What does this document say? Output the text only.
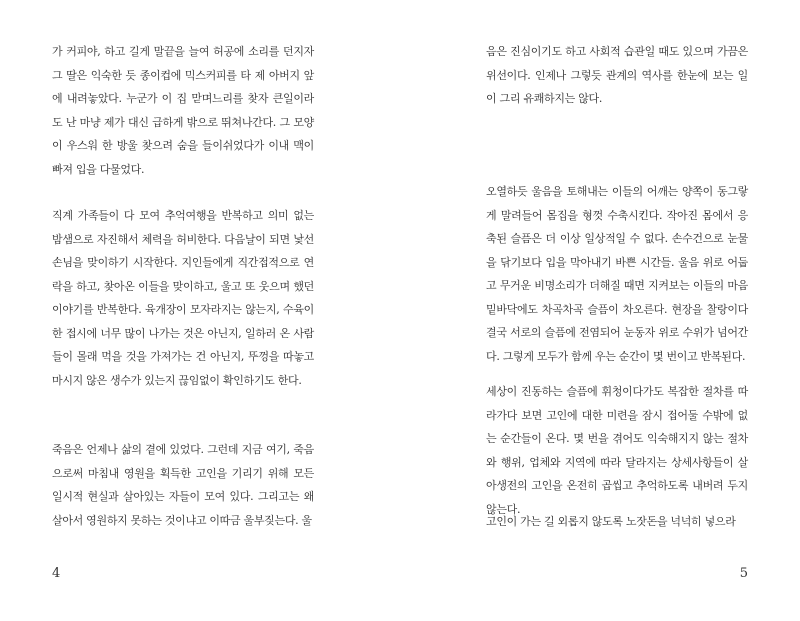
가 커피야, 하고 길게 말끝을 늘여 허공에 소리를 던지자 그 딸은 익숙한 듯 종이컵에 믹스커피를 타 제 아버지 앞에 내려놓았다. 누군가 이 집 맏며느리를 찾자 큰일이라도 난 마냥 제가 대신 급하게 밖으로 뛰쳐나간다. 그 모양이 우스워 한 방울 찾으려 숨을 들이쉬었다가 이내 맥이 빠져 입을 다물었다.

직계 가족들이 다 모여 추억여행을 반복하고 의미 없는 밤샘으로 자진해서 체력을 허비한다. 다음날이 되면 낯선 손님을 맞이하기 시작한다. 지인들에게 직간접적으로 연락을 하고, 찾아온 이들을 맞이하고, 울고 또 웃으며 했던 이야기를 반복한다. 육개장이 모자라지는 않는지, 수육이 한 접시에 너무 많이 나가는 것은 아닌지, 일하러 온 사람들이 몰래 먹을 것을 가져가는 건 아닌지, 뚜껑을 따놓고 마시지 않은 생수가 있는지 끊임없이 확인하기도 한다.

죽음은 언제나 삶의 곁에 있었다. 그런데 지금 여기, 죽음으로써 마침내 영원을 획득한 고인을 기리기 위해 모든 일시적 현실과 살아있는 자들이 모여 있다. 그리고는 왜 살아서 영원하지 못하는 것이냐고 이따금 울부짖는다. 울

4

음은 진심이기도 하고 사회적 습관일 때도 있으며 가끔은 위선이다. 인제나 그렇듯 관계의 역사를 한눈에 보는 일이 그리 유쾌하지는 않다.

오열하듯 울음을 토해내는 이들의 어깨는 양쪽이 동그랗게 말려들어 몸집을 형껏 수축시킨다. 작아진 몸에서 응축된 슬픔은 더 이상 일상적일 수 없다. 손수건으로 눈물을 닦기보다 입을 막아내기 바쁜 시간들. 울음 위로 어둡고 무거운 비명소리가 더해질 때면 지켜보는 이들의 마음 밑바닥에도 차곡차곡 슬픔이 차오른다. 현장을 찰랑이다 결국 서로의 슬픔에 전염되어 눈동자 위로 수위가 넘어간다. 그렇게 모두가 함께 우는 순간이 몇 번이고 반복된다.

세상이 진동하는 슬픔에 휘청이다가도 복잡한 절차를 따라가다 보면 고인에 대한 미련을 잠시 접어둘 수밖에 없는 순간들이 온다. 몇 번을 겪어도 익숙해지지 않는 절차와 행위, 업체와 지역에 따라 달라지는 상세사항들이 살아생전의 고인을 온전히 곱씹고 추억하도록 내버려 두지 않는다.

고인이 가는 길 외롭지 않도록 노잣돈을 넉넉히 넣으라

5
